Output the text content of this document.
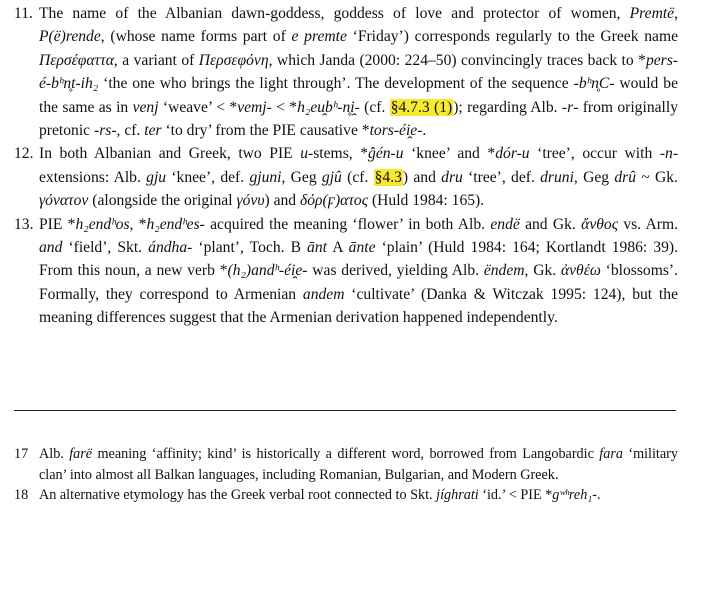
11. The name of the Albanian dawn-goddess, goddess of love and protector of women, Premtë, P(ë)rende, (whose name forms part of e premte ‘Friday’) corresponds regularly to the Greek name Περσέφαττα, a variant of Περσεφόνη, which Janda (2000: 224–50) convincingly traces back to *pers-é-bʰn̥t-ih₂ ‘the one who brings the light through’. The development of the sequence -bʰn̥C- would be the same as in venj ‘weave’ < *vemj- < *h₂eu̯bʰ-n̥i̯- (cf. §4.7.3 (1)); regarding Alb. -r- from originally pretonic -rs-, cf. ter ‘to dry’ from the PIE causative *tors-éi̯e-.

12. In both Albanian and Greek, two PIE u-stems, *ĝén-u ‘knee’ and *dór-u ‘tree’, occur with -n- extensions: Alb. gju ‘knee’, def. gjuni, Geg gjû (cf. §4.3) and dru ‘tree’, def. druni, Geg drû ~ Gk. γόνατον (alongside the original γόνυ) and δόρ(ϝ)ατος (Huld 1984: 165).

13. PIE *h₂endʰos, *h₂endʰes- acquired the meaning ‘flower’ in both Alb. endë and Gk. ἄνθος vs. Arm. and ‘field’, Skt. ándha- ‘plant’, Toch. B ānt A ānte ‘plain’ (Huld 1984: 164; Kortlandt 1986: 39). From this noun, a new verb *(h₂)andʰ-éi̯e- was derived, yielding Alb. ëndem, Gk. ἀνθέω ‘blossoms’. Formally, they correspond to Armenian andem ‘cultivate’ (Danka & Witczak 1995: 124), but the meaning differences suggest that the Armenian derivation happened independently.

17 Alb. farë meaning ‘affinity; kind’ is historically a different word, borrowed from Langobardic fara ‘military clan’ into almost all Balkan languages, including Romanian, Bulgarian, and Modern Greek.

18 An alternative etymology has the Greek verbal root connected to Skt. jíghrati ‘id.’ < PIE *gʷʰreh₁-.
